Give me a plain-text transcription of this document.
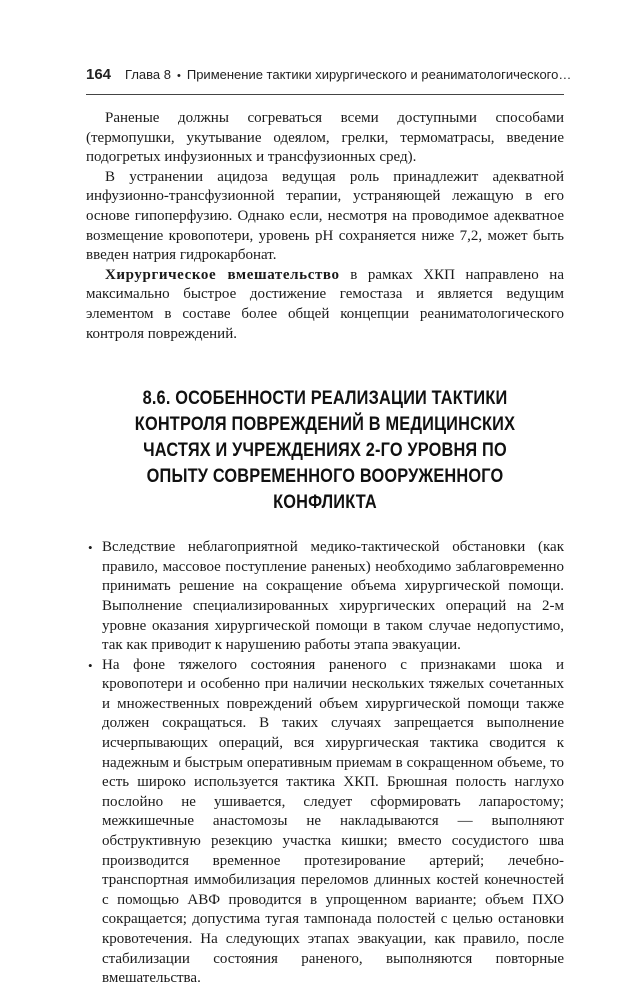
164 Глава 8 • Применение тактики хирургического и реаниматологического…

Раненые должны согреваться всеми доступными способами (термопушки, укутывание одеялом, грелки, термоматрасы, введение подогретых инфузионных и трансфузионных сред).

В устранении ацидоза ведущая роль принадлежит адекватной инфузионно-трансфузионной терапии, устраняющей лежащую в его основе гипоперфузию. Однако если, несмотря на проводимое адекватное возмещение кровопотери, уровень pH сохраняется ниже 7,2, может быть введен натрия гидрокарбонат.

Хирургическое вмешательство в рамках ХКП направлено на максимально быстрое достижение гемостаза и является ведущим элементом в составе более общей концепции реаниматологического контроля повреждений.

8.6. ОСОБЕННОСТИ РЕАЛИЗАЦИИ ТАКТИКИ КОНТРОЛЯ ПОВРЕЖДЕНИЙ В МЕДИЦИНСКИХ ЧАСТЯХ И УЧРЕЖДЕНИЯХ 2-ГО УРОВНЯ ПО ОПЫТУ СОВРЕМЕННОГО ВООРУЖЕННОГО КОНФЛИКТА
• Вследствие неблагоприятной медико-тактической обстановки (как правило, массовое поступление раненых) необходимо заблаговременно принимать решение на сокращение объема хирургической помощи. Выполнение специализированных хирургических операций на 2-м уровне оказания хирургической помощи в таком случае недопустимо, так как приводит к нарушению работы этапа эвакуации.
• На фоне тяжелого состояния раненого с признаками шока и кровопотери и особенно при наличии нескольких тяжелых сочетанных и множественных повреждений объем хирургической помощи также должен сокращаться. В таких случаях запрещается выполнение исчерпывающих операций, вся хирургическая тактика сводится к надежным и быстрым оперативным приемам в сокращенном объеме, то есть широко используется тактика ХКП. Брюшная полость наглухо послойно не ушивается, следует сформировать лапаростому; межкишечные анастомозы не накладываются — выполняют обструктивную резекцию участка кишки; вместо сосудистого шва производится временное протезирование артерий; лечебно-транспортная иммобилизация переломов длинных костей конечностей с помощью АВФ проводится в упрощенном варианте; объем ПХО сокращается; допустима тугая тампонада полостей с целью остановки кровотечения. На следующих этапах эвакуации, как правило, после стабилизации состояния раненого, выполняются повторные вмешательства.
